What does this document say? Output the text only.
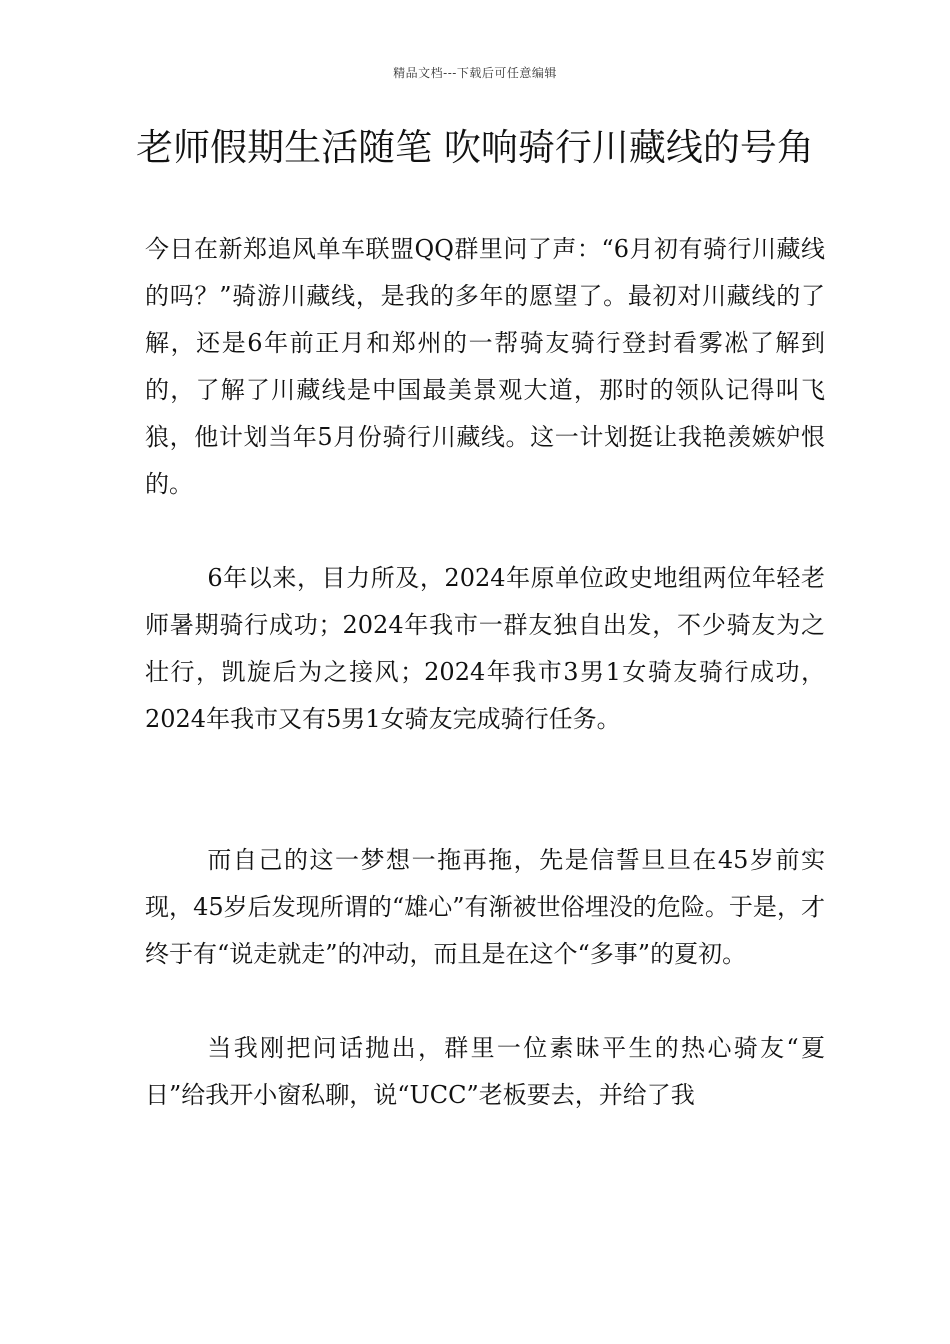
精品文档---下载后可任意编辑
老师假期生活随笔 吹响骑行川藏线的号角

今日在新郑追风单车联盟QQ群里问了声：“6月初有骑行川藏线的吗？”骑游川藏线，是我的多年的愿望了。最初对川藏线的了解，还是6年前正月和郑州的一帮骑友骑行登封看雾凇了解到的，了解了川藏线是中国最美景观大道，那时的领队记得叫飞狼，他计划当年5月份骑行川藏线。这一计划挺让我艳羡嫉妒恨的。

6年以来，目力所及，2024年原单位政史地组两位年轻老师暑期骑行成功；2024年我市一群友独自出发，不少骑友为之壮行，凯旋后为之接风；2024年我市3男1女骑友骑行成功，2024年我市又有5男1女骑友完成骑行任务。

而自己的这一梦想一拖再拖，先是信誓旦旦在45岁前实现，45岁后发现所谓的“雄心”有渐被世俗埋没的危险。于是，才终于有“说走就走”的冲动，而且是在这个“多事”的夏初。

当我刚把问话抛出，群里一位素昧平生的热心骑友“夏日”给我开小窗私聊，说“UCC”老板要去，并给了我
